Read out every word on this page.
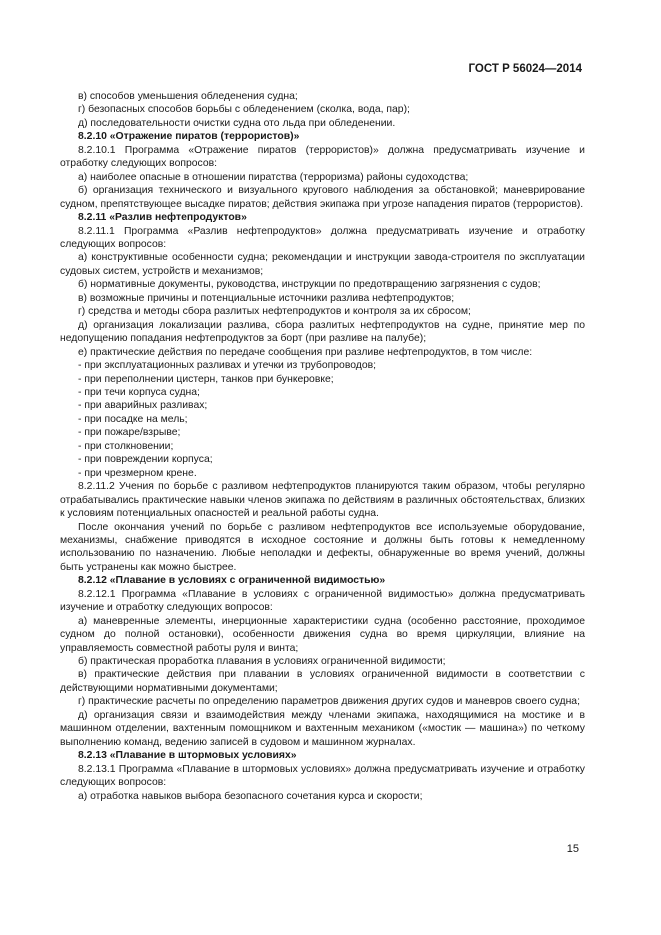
ГОСТ Р 56024—2014

в) способов уменьшения обледенения судна;

г) безопасных способов борьбы с обледенением (сколка, вода, пар);

д) последовательности очистки судна ото льда при обледенении.

8.2.10 «Отражение пиратов (террористов)»

8.2.10.1 Программа «Отражение пиратов (террористов)» должна предусматривать изучение и отработку следующих вопросов:

а) наиболее опасные в отношении пиратства (терроризма) районы судоходства;

б) организация технического и визуального кругового наблюдения за обстановкой; маневрирование судном, препятствующее высадке пиратов; действия экипажа при угрозе нападения пиратов (террористов).

8.2.11 «Разлив нефтепродуктов»

8.2.11.1 Программа «Разлив нефтепродуктов» должна предусматривать изучение и отработку следующих вопросов:

а) конструктивные особенности судна; рекомендации и инструкции завода-строителя по эксплуатации судовых систем, устройств и механизмов;

б) нормативные документы, руководства, инструкции по предотвращению загрязнения с судов;

в) возможные причины и потенциальные источники разлива нефтепродуктов;

г) средства и методы сбора разлитых нефтепродуктов и контроля за их сбросом;

д) организация локализации разлива, сбора разлитых нефтепродуктов на судне, принятие мер по недопущению попадания нефтепродуктов за борт (при разливе на палубе);

е) практические действия по передаче сообщения при разливе нефтепродуктов, в том числе:

- при эксплуатационных разливах и утечки из трубопроводов;

- при переполнении цистерн, танков при бункеровке;

- при течи корпуса судна;

- при аварийных разливах;

- при посадке на мель;

- при пожаре/взрыве;

- при столкновении;

- при повреждении корпуса;

- при чрезмерном крене.

8.2.11.2 Учения по борьбе с разливом нефтепродуктов планируются таким образом, чтобы регулярно отрабатывались практические навыки членов экипажа по действиям в различных обстоятельствах, близких к условиям потенциальных опасностей и реальной работы судна.

После окончания учений по борьбе с разливом нефтепродуктов все используемые оборудование, механизмы, снабжение приводятся в исходное состояние и должны быть готовы к немедленному использованию по назначению. Любые неполадки и дефекты, обнаруженные во время учений, должны быть устранены как можно быстрее.

8.2.12 «Плавание в условиях с ограниченной видимостью»

8.2.12.1 Программа «Плавание в условиях с ограниченной видимостью» должна предусматривать изучение и отработку следующих вопросов:

а) маневренные элементы, инерционные характеристики судна (особенно расстояние, проходимое судном до полной остановки), особенности движения судна во время циркуляции, влияние на управляемость совместной работы руля и винта;

б) практическая проработка плавания в условиях ограниченной видимости;

в) практические действия при плавании в условиях ограниченной видимости в соответствии с действующими нормативными документами;

г) практические расчеты по определению параметров движения других судов и маневров своего судна;

д) организация связи и взаимодействия между членами экипажа, находящимися на мостике и в машинном отделении, вахтенным помощником и вахтенным механиком («мостик — машина») по четкому выполнению команд, ведению записей в судовом и машинном журналах.

8.2.13 «Плавание в штормовых условиях»

8.2.13.1 Программа «Плавание в штормовых условиях» должна предусматривать изучение и отработку следующих вопросов:

а) отработка навыков выбора безопасного сочетания курса и скорости;

15
